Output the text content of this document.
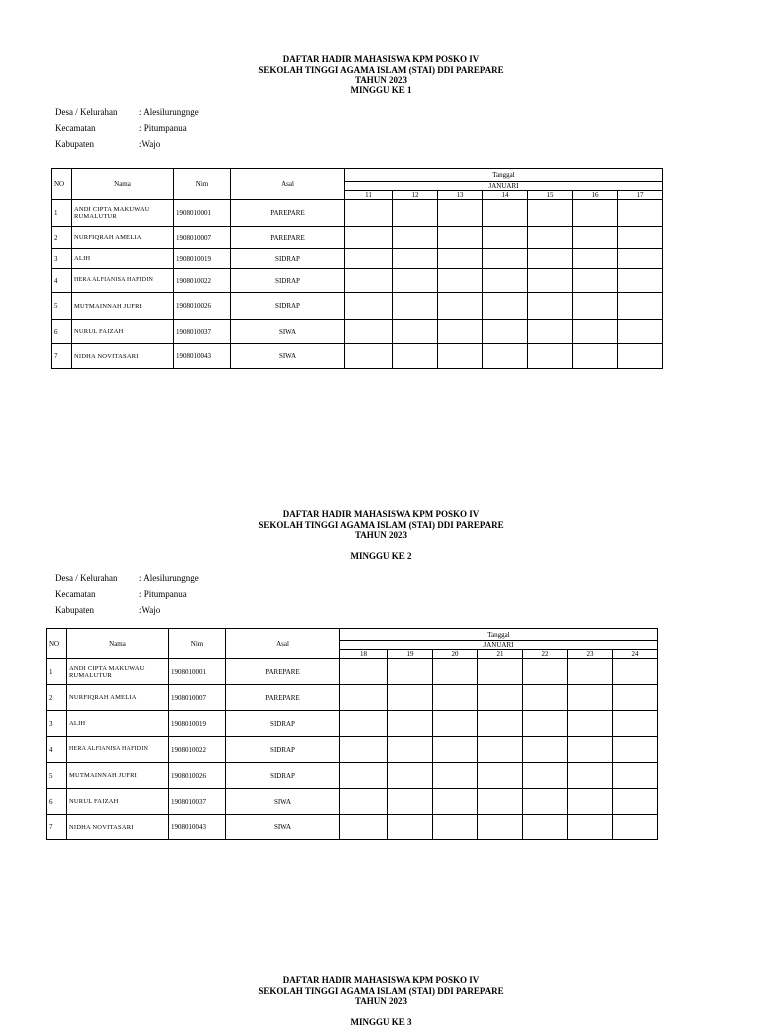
DAFTAR HADIR MAHASISWA KPM POSKO IV
SEKOLAH TINGGI AGAMA ISLAM (STAI) DDI PAREPARE
TAHUN 2023
MINGGU KE 1
Desa / Kelurahan	: Alesilurungnge
Kecamatan	: Pitumpanua
Kabupaten	:Wajo
NO	Nama	Nim	Asal	Tanggal						
				JANUARI						
				11	12	13	14	15	16	17
1	ANDI CIPTA MAKUWAU RUMALUTUR	1908010001	PAREPARE							
2	NURFIQRAH AMELIA	1908010007	PAREPARE							
3	ALIH	1908010019	SIDRAP							
4	HERA ALFIANISA HAFIDIN	1908010022	SIDRAP							
5	MUTMAINNAH JUFRI	1908010026	SIDRAP							
6	NURUL FAIZAH	1908010037	SIWA							
7	NIDHA NOVITASARI	1908010043	SIWA							
DAFTAR HADIR MAHASISWA KPM POSKO IV
SEKOLAH TINGGI AGAMA ISLAM (STAI) DDI PAREPARE
TAHUN 2023
MINGGU KE 2
Desa / Kelurahan	: Alesilurungnge
Kecamatan	: Pitumpanua
Kabupaten	:Wajo
NO	Nama	Nim	Asal	Tanggal						
				JANUARI						
				18	19	20	21	22	23	24
1	ANDI CIPTA MAKUWAU RUMALUTUR	1908010001	PAREPARE							
2	NURFIQRAH AMELIA	1908010007	PAREPARE							
3	ALIH	1908010019	SIDRAP							
4	HERA ALFIANISA HAFIDIN	1908010022	SIDRAP							
5	MUTMAINNAH JUFRI	1908010026	SIDRAP							
6	NURUL FAIZAH	1908010037	SIWA							
7	NIDHA NOVITASARI	1908010043	SIWA							
DAFTAR HADIR MAHASISWA KPM POSKO IV
SEKOLAH TINGGI AGAMA ISLAM (STAI) DDI PAREPARE
TAHUN 2023
MINGGU KE 3
